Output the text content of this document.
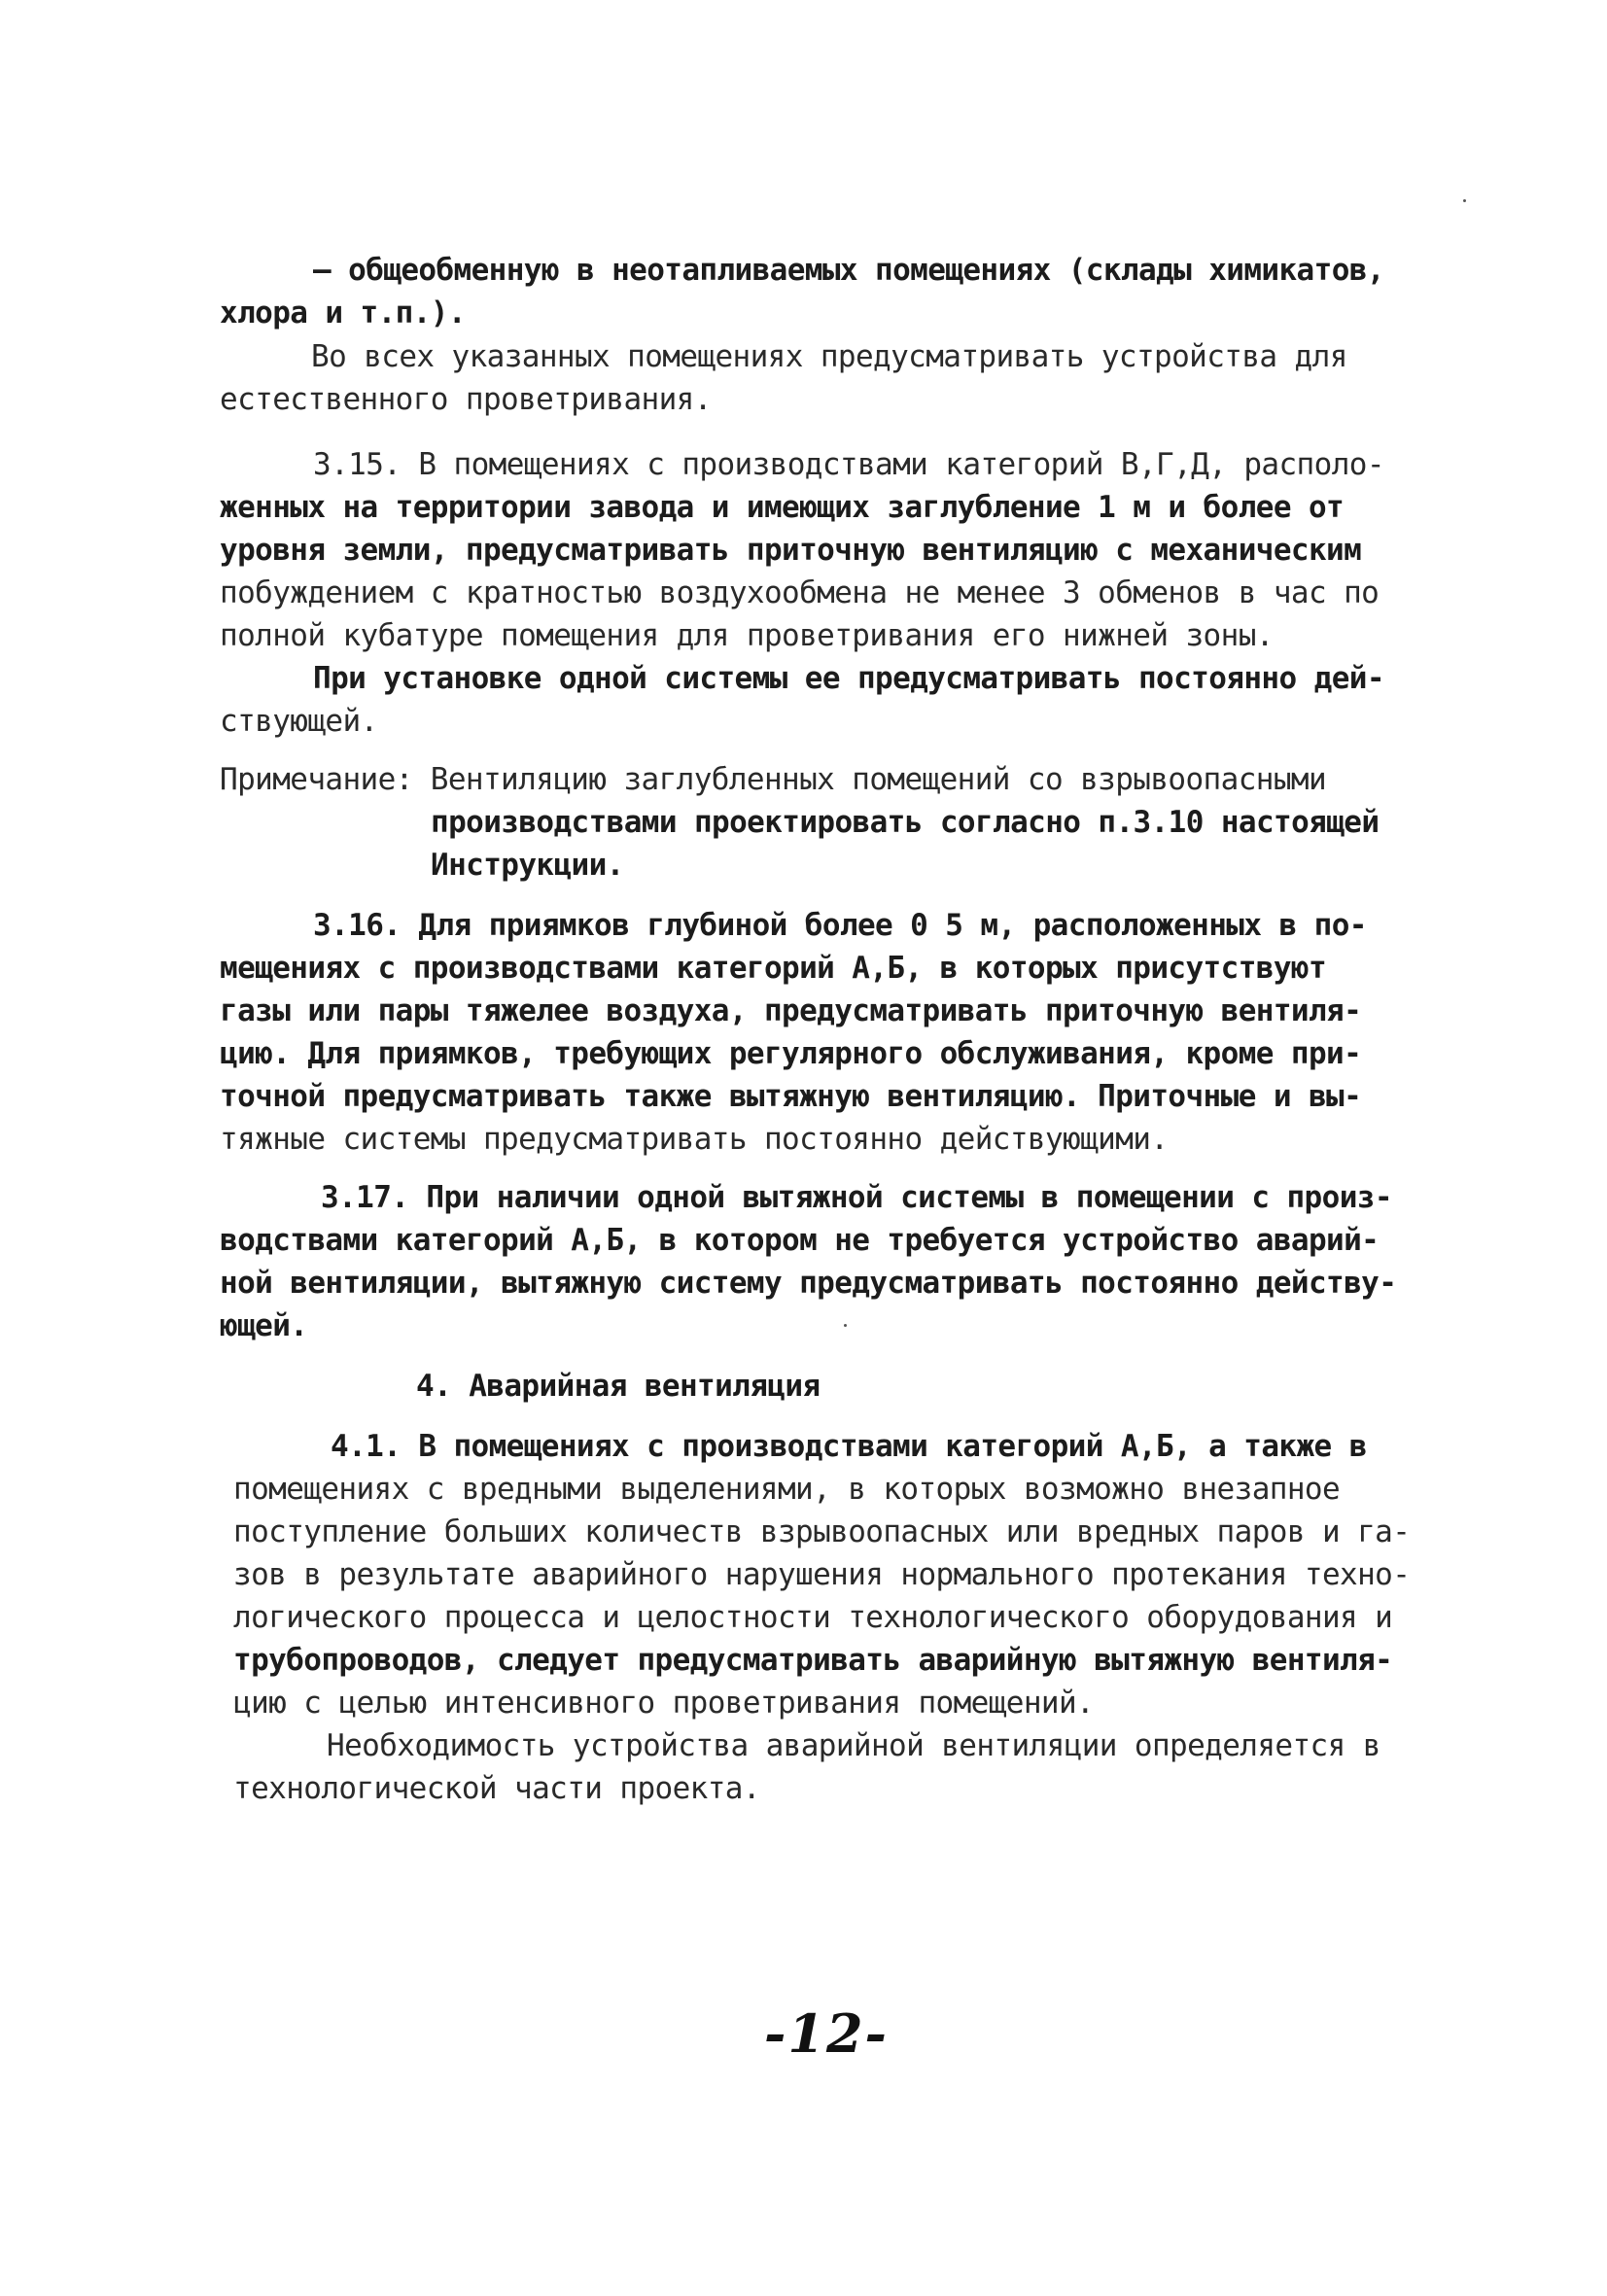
– общеобменную в неотапливаемых помещениях (склады химикатов,
хлора и т.п.).
Во всех указанных помещениях предусматривать устройства для
естественного проветривания.
3.15. В помещениях с производствами категорий В,Г,Д, располо-
женных на территории завода и имеющих заглубление 1 м и более от
уровня земли, предусматривать приточную вентиляцию с механическим
побуждением с кратностью воздухообмена не менее 3 обменов в час по
полной кубатуре помещения для проветривания его нижней зоны.
При установке одной системы ее предусматривать постоянно дей-
ствующей.
Примечание: Вентиляцию заглубленных помещений со взрывоопасными
производствами проектировать согласно п.3.10 настоящей
Инструкции.
3.16. Для приямков глубиной более 0 5 м, расположенных в по-
мещениях с производствами категорий А,Б, в которых присутствуют
газы или пары тяжелее воздуха, предусматривать приточную вентиля-
цию. Для приямков, требующих регулярного обслуживания, кроме при-
точной предусматривать также вытяжную вентиляцию. Приточные и вы-
тяжные системы предусматривать постоянно действующими.
3.17. При наличии одной вытяжной системы в помещении с произ-
водствами категорий А,Б, в котором не требуется устройство аварий-
ной вентиляции, вытяжную систему предусматривать постоянно действу-
ющей.
4. Аварийная вентиляция
4.1. В помещениях с производствами категорий А,Б, а также в
помещениях с вредными выделениями, в которых возможно внезапное
поступление больших количеств взрывоопасных или вредных паров и га-
зов в результате аварийного нарушения нормального протекания техно-
логического процесса и целостности технологического оборудования и
трубопроводов, следует предусматривать аварийную вытяжную вентиля-
цию с целью интенсивного проветривания помещений.
Необходимость устройства аварийной вентиляции определяется в
технологической части проекта.
-12-
